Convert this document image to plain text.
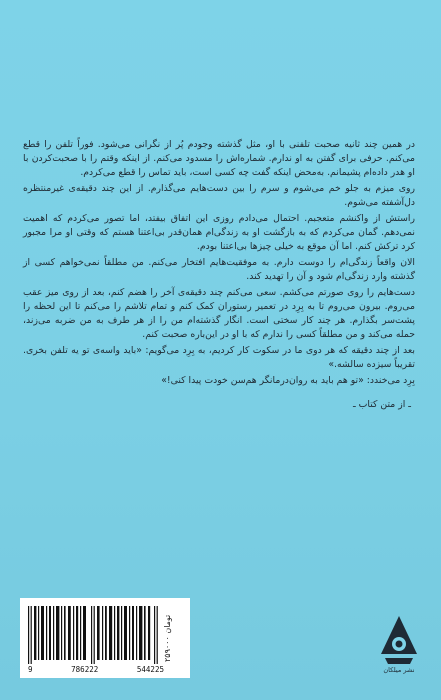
در همین چند ثانیه صحبت تلفنی با او، مثل گذشته وجودم پُر از نگرانی می‌شود. فوراً تلفن را قطع می‌کنم. حرفی برای گفتن به او ندارم. شماره‌اش را مسدود می‌کنم. از اینکه وقتم را با صحبت‌کردن با او هدر داده‌ام پشیمانم. به‌محض اینکه گفت چه کسی است، باید تماس را قطع می‌کردم.

روی میزم به جلو خم می‌شوم و سرم را بین دست‌هایم می‌گذارم. از این چند دقیقه‌ی غیرمنتظره دل‌آشفته می‌شوم.

راستش از واکنشم متعجبم. احتمال می‌دادم روزی این اتفاق بیفتد، اما تصور می‌کردم که اهمیت نمی‌دهم. گمان می‌کردم که به بازگشت او به زندگی‌ام همان‌قدر بی‌اعتنا هستم که وقتی او مرا مجبور کرد ترکش کنم. اما آن موقع به خیلی چیزها بی‌اعتنا بودم.

الان واقعاً زندگی‌ام را دوست دارم. به موفقیت‌هایم افتخار می‌کنم. من مطلقاً نمی‌خواهم کسی از گذشته وارد زندگی‌ام شود و آن را تهدید کند.

دست‌هایم را روی صورتم می‌کشم. سعی می‌کنم چند دقیقه‌ی آخر را هضم کنم، بعد از روی میز عقب می‌روم. بیرون می‌روم تا به بِرِد در تعمیر رستوران کمک کنم و تمام تلاشم را می‌کنم تا این لحظه را پشت‌سر بگذارم. هر چند کار سختی است. انگار گذشته‌ام من را از هر طرف به من ضربه می‌زند، حمله می‌کند و من مطلقاً کسی را ندارم که با او در این‌باره صحبت کنم.

بعد از چند دقیقه که هر دوی ما در سکوت کار کردیم، به بِرِد می‌گویم: «باید واسه‌ی تو یه تلفن بخری. تقریباً سیزده سالشه.»

بِرِد می‌خندد: «تو هم باید به روان‌درمانگر هم‌سن خودت پیدا کنی!»

ـ از متن کتاب ـ

9	786222	544225
۲۵۹۰۰۰ تومان
نشر میلکان
